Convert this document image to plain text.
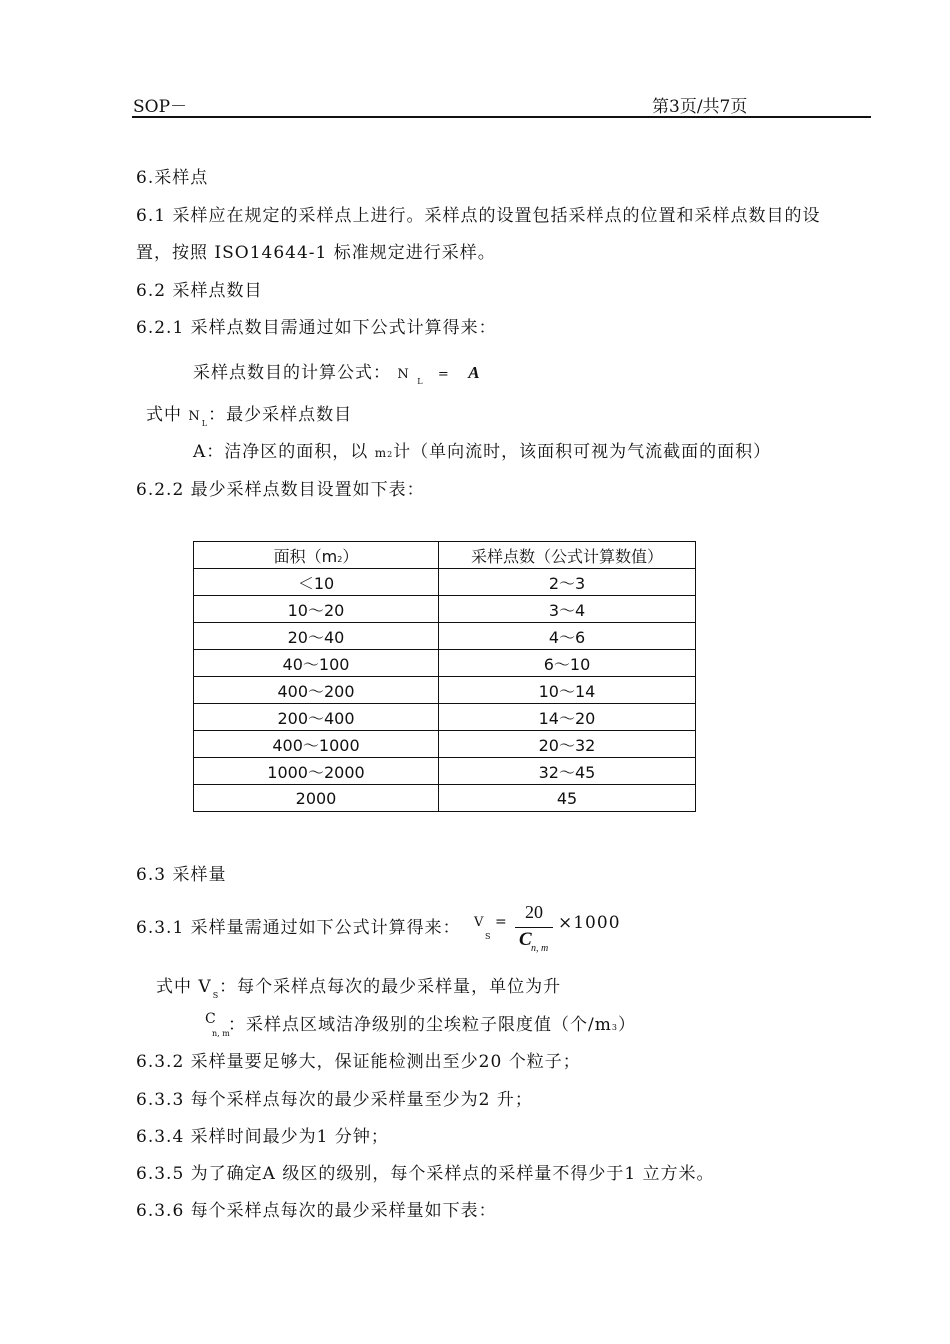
SOP－	第3页/共7页
6.采样点
6.1 采样应在规定的采样点上进行。采样点的设置包括采样点的位置和采样点数目的设
置，按照 ISO14644-1 标准规定进行采样。
6.2 采样点数目
6.2.1 采样点数目需通过如下公式计算得来：
采样点数目的计算公式： N $_L$ = A
式中 $N_L$：最少采样点数目
A：洁净区的面积，以 m2计（单向流时，该面积可视为气流截面的面积）
6.2.2 最少采样点数目设置如下表：
面积（m2）	采样点数（公式计算数值）
＜10	2～3
10～20	3～4
20～40	4～6
40～100	6～10
400～200	10～14
200～400	14～20
400～1000	20～32
1000～2000	32～45
2000	45
6.3 采样量
6.3.1 采样量需通过如下公式计算得来： V
S
= 20
C n, m
×1000
式中 $V_S$：每个采样点每次的最少采样量，单位为升
C
n, m
：采样点区域洁净级别的尘埃粒子限度值（个/m3）
6.3.2 采样量要足够大，保证能检测出至少20 个粒子；
6.3.3 每个采样点每次的最少采样量至少为2 升；
6.3.4 采样时间最少为1 分钟；
6.3.5 为了确定A 级区的级别，每个采样点的采样量不得少于1 立方米。
6.3.6 每个采样点每次的最少采样量如下表：
